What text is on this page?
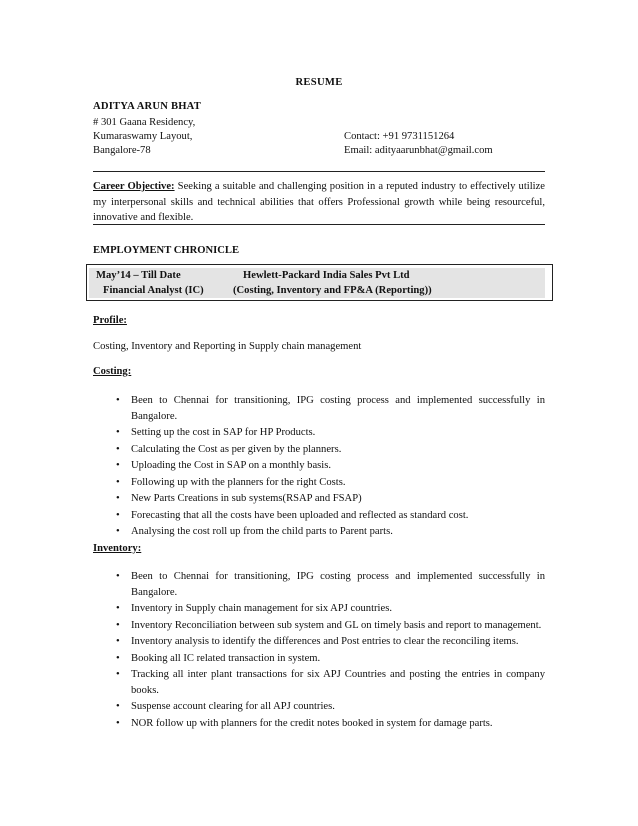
RESUME
ADITYA ARUN BHAT
# 301 Gaana Residency,
Kumaraswamy Layout,
Bangalore-78
Contact: +91 9731151264
Email: adityaarunbhat@gmail.com
Career Objective: Seeking a suitable and challenging position in a reputed industry to effectively utilize my interpersonal skills and technical abilities that offers Professional growth while being resourceful, innovative and flexible.
EMPLOYMENT CHRONICLE
May’14 – Till Date	Hewlett-Packard India Sales Pvt Ltd
Financial Analyst (IC)	(Costing, Inventory and FP&A (Reporting))
Profile:
Costing, Inventory and Reporting in Supply chain management
Costing:
• Been to Chennai for transitioning, IPG costing process and implemented successfully in Bangalore.
• Setting up the cost in SAP for HP Products.
• Calculating the Cost as per given by the planners.
• Uploading the Cost in SAP on a monthly basis.
• Following up with the planners for the right Costs.
• New Parts Creations in sub systems(RSAP and FSAP)
• Forecasting that all the costs have been uploaded and reflected as standard cost.
• Analysing the cost roll up from the child parts to Parent parts.
Inventory:
• Been to Chennai for transitioning, IPG costing process and implemented successfully in Bangalore.
• Inventory in Supply chain management for six APJ countries.
• Inventory Reconciliation between sub system and GL on timely basis and report to management.
• Inventory analysis to identify the differences and Post entries to clear the reconciling items.
• Booking all IC related transaction in system.
• Tracking all inter plant transactions for six APJ Countries and posting the entries in company books.
• Suspense account clearing for all APJ countries.
• NOR follow up with planners for the credit notes booked in system for damage parts.
